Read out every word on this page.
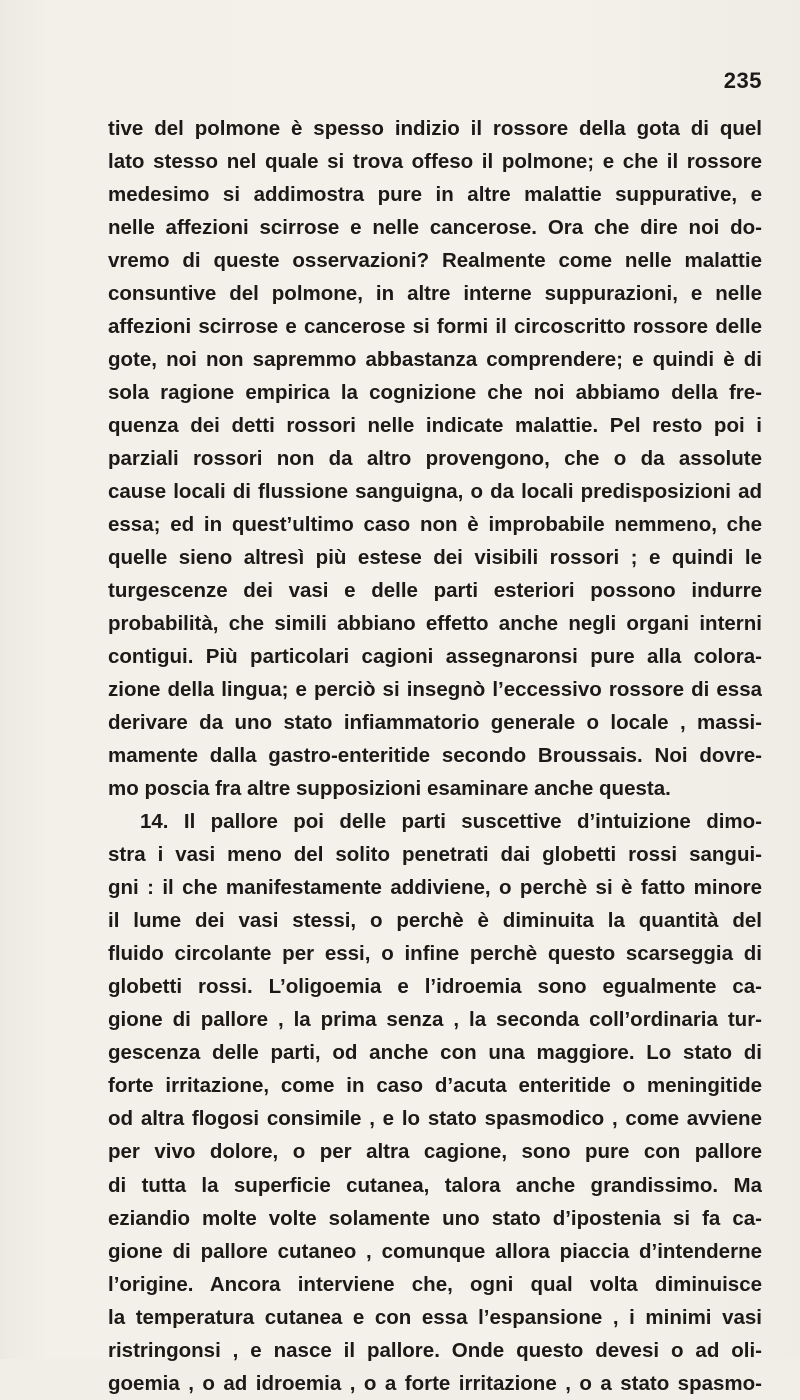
235
tive del polmone è spesso indizio il rossore della gota di quel
lato stesso nel quale si trova offeso il polmone; e che il rossore
medesimo si addimostra pure in altre malattie suppurative, e
nelle affezioni scirrose e nelle cancerose. Ora che dire noi do-
vremo di queste osservazioni? Realmente come nelle malattie
consuntive del polmone, in altre interne suppurazioni, e nelle
affezioni scirrose e cancerose si formi il circoscritto rossore delle
gote, noi non sapremmo abbastanza comprendere; e quindi è di
sola ragione empirica la cognizione che noi abbiamo della fre-
quenza dei detti rossori nelle indicate malattie. Pel resto poi i
parziali rossori non da altro provengono, che o da assolute
cause locali di flussione sanguigna, o da locali predisposizioni ad
essa; ed in quest’ultimo caso non è improbabile nemmeno, che
quelle sieno altresì più estese dei visibili rossori ; e quindi le
turgescenze dei vasi e delle parti esteriori possono indurre
probabilità, che simili abbiano effetto anche negli organi interni
contigui. Più particolari cagioni assegnaronsi pure alla colora-
zione della lingua; e perciò si insegnò l’eccessivo rossore di essa
derivare da uno stato infiammatorio generale o locale , massi-
mamente dalla gastro-enteritide secondo Broussais. Noi dovre-
mo poscia fra altre supposizioni esaminare anche questa.
14. Il pallore poi delle parti suscettive d’intuizione dimo-
stra i vasi meno del solito penetrati dai globetti rossi sangui-
gni : il che manifestamente addiviene, o perchè si è fatto minore
il lume dei vasi stessi, o perchè è diminuita la quantità del
fluido circolante per essi, o infine perchè questo scarseggia di
globetti rossi. L’oligoemia e l’idroemia sono egualmente ca-
gione di pallore , la prima senza , la seconda coll’ordinaria tur-
gescenza delle parti, od anche con una maggiore. Lo stato di
forte irritazione, come in caso d’acuta enteritide o meningitide
od altra flogosi consimile , e lo stato spasmodico , come avviene
per vivo dolore, o per altra cagione, sono pure con pallore
di tutta la superficie cutanea, talora anche grandissimo. Ma
eziandio molte volte solamente uno stato d’ipostenia si fa ca-
gione di pallore cutaneo , comunque allora piaccia d’intenderne
l’origine. Ancora interviene che, ogni qual volta diminuisce
la temperatura cutanea e con essa l’espansione , i minimi vasi
ristringonsi , e nasce il pallore. Onde questo devesi o ad oli-
goemia , o ad idroemia , o a forte irritazione , o a stato spasmo-
